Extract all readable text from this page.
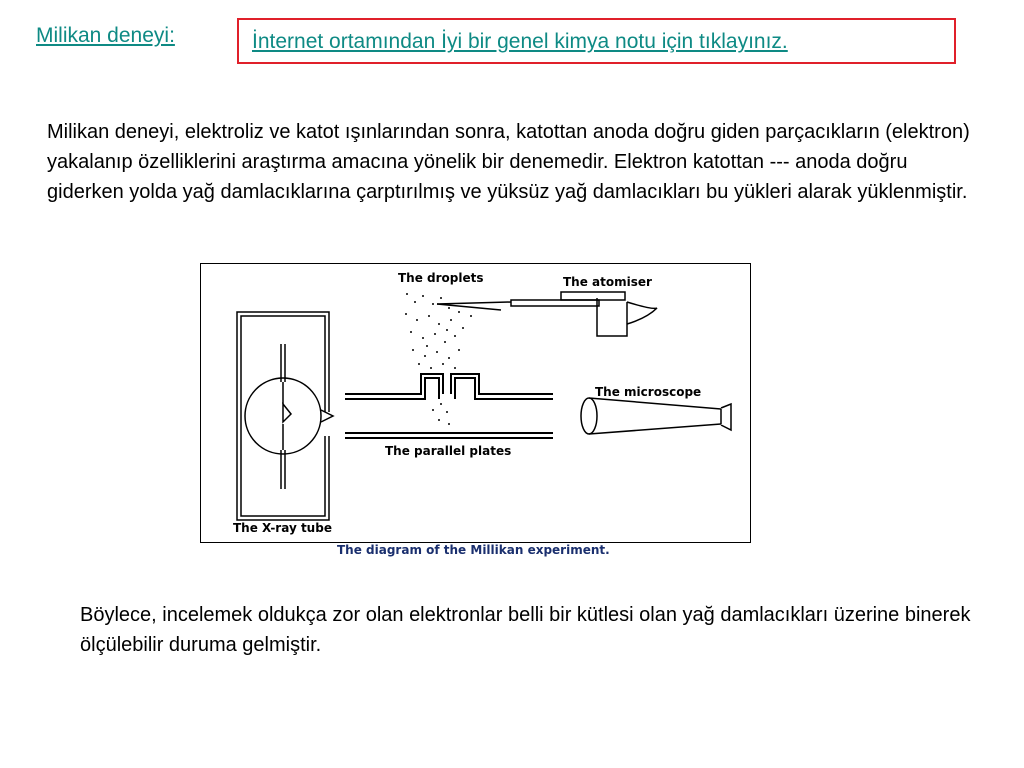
Milikan deneyi:	İnternet ortamından İyi bir genel kimya notu için tıklayınız.
Milikan deneyi, elektroliz ve katot ışınlarından sonra, katottan anoda doğru giden parçacıkların (elektron) yakalanıp özelliklerini araştırma amacına yönelik bir denemedir. Elektron katottan --- anoda doğru giderken yolda yağ damlacıklarına çarptırılmış ve yüksüz yağ damlacıkları bu yükleri alarak yüklenmiştir.
The droplets	The atomiser
The microscope
The parallel plates
The X-ray tube
The diagram of the Millikan experiment.
Böylece, incelemek oldukça zor olan elektronlar belli bir kütlesi olan yağ damlacıkları üzerine binerek ölçülebilir duruma gelmiştir.
